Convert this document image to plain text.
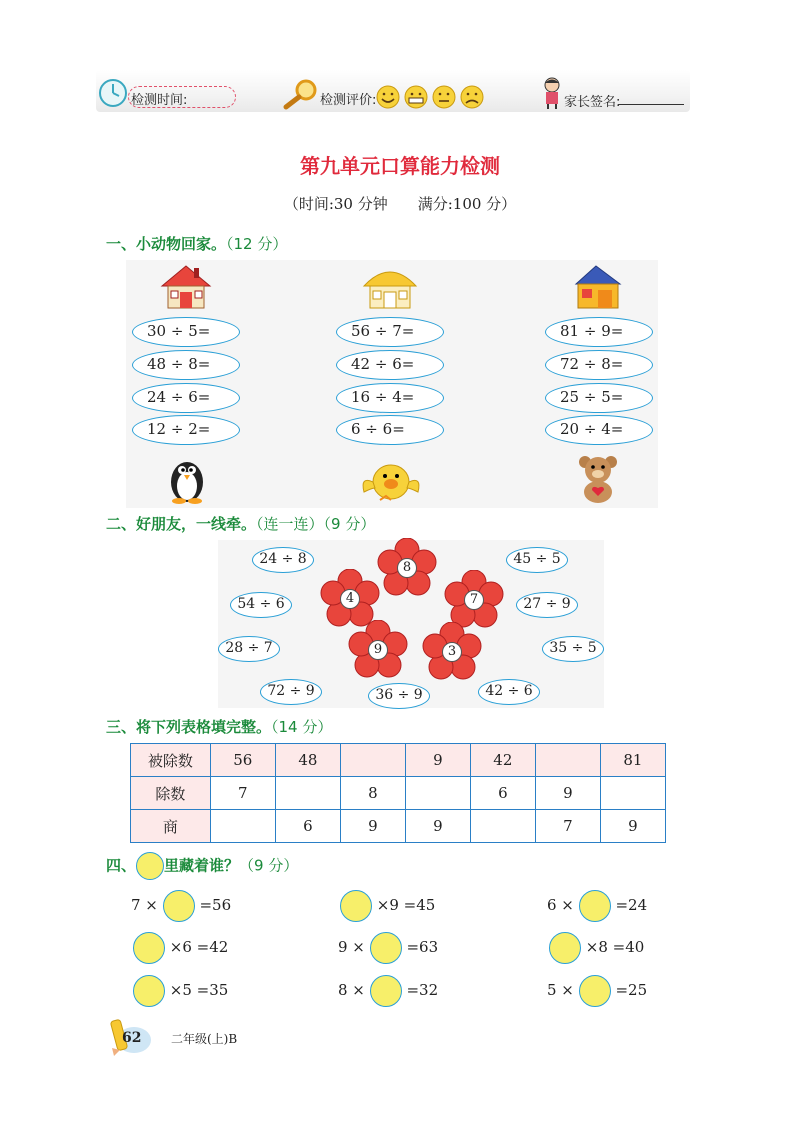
检测时间:	检测评价:	家长签名:
第九单元口算能力检测
（时间:30 分钟　　满分:100 分）
一、小动物回家。（12 分）
30 ÷ 5=
48 ÷ 8=
24 ÷ 6=
12 ÷ 2=
56 ÷ 7=
42 ÷ 6=
16 ÷ 4=
6 ÷ 6=
81 ÷ 9=
72 ÷ 8=
25 ÷ 5=
20 ÷ 4=
二、好朋友，一线牵。（连一连）（9 分）
24 ÷ 8
54 ÷ 6
28 ÷ 7
72 ÷ 9	36 ÷ 9	42 ÷ 6
45 ÷ 5
27 ÷ 9
35 ÷ 5
8
4	7
9	3
三、将下列表格填完整。（14 分）
被除数	56	48		9	42		81
除数	7		8		6	9	
商		6	9	9		7	9
四、 里藏着谁？（9 分）
7 ×	=56	×9 =45	6 ×	=24
×6 =42	9 ×	=63	×8 =40
×5 =35	8 ×	=32	5 ×	=25
62 二年级(上)B
